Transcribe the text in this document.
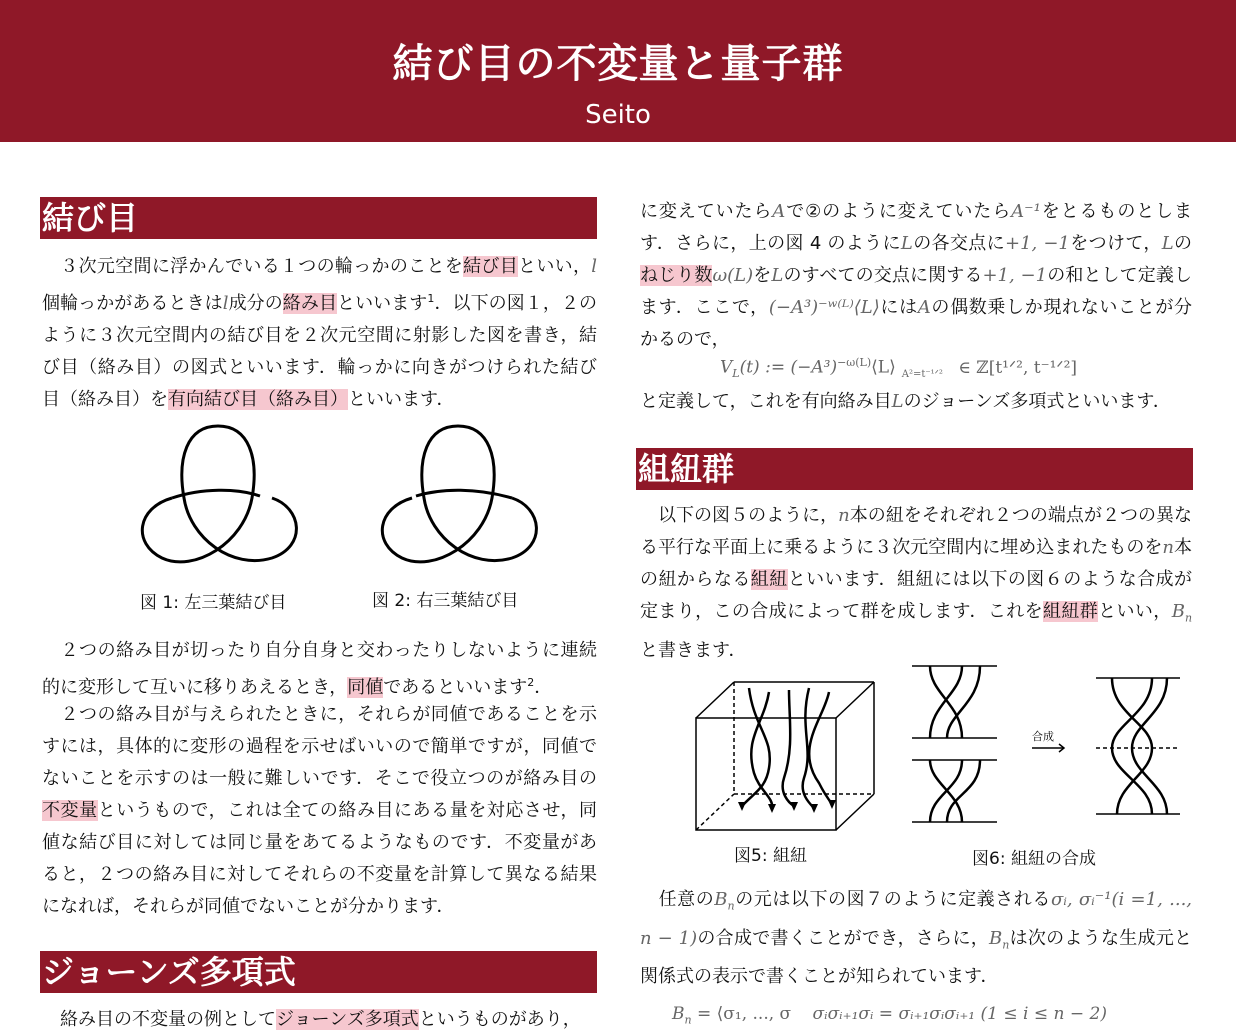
結び目の不変量と量子群
Seito
結び目
　３次元空間に浮かんでいる１つの輪っかのことを結び目といい，l個輪っかがあるときはl成分の絡み目といいます$^1$．以下の図１，２のように３次元空間内の結び目を２次元空間に射影した図を書き，結び目（絡み目）の図式といいます．輪っかに向きがつけられた結び目（絡み目）を有向結び目（絡み目）といいます．
図 1: 左三葉結び目	図 2: 右三葉結び目
　２つの絡み目が切ったり自分自身と交わったりしないように連続的に変形して互いに移りあえるとき，同値であるといいます$^2$．
　２つの絡み目が与えられたときに，それらが同値であることを示すには，具体的に変形の過程を示せばいいので簡単ですが，同値でないことを示すのは一般に難しいです．そこで役立つのが絡み目の不変量というもので，これは全ての絡み目にある量を対応させ，同値な結び目に対しては同じ量をあてるようなものです．不変量があると，２つの絡み目に対してそれらの不変量を計算して異なる結果になれば，それらが同値でないことが分かります．
ジョーンズ多項式
　絡み目の不変量の例としてジョーンズ多項式というものがあり，
に変えていたらAで②のように変えていたらA⁻¹をとるものとします．さらに，上の図 4 のようにLの各交点に+1, −1をつけて，Lのねじり数ω(L)をLのすべての交点に関する+1, −1の和として定義します．ここで，(−A³)⁻ʷ⁽ᴸ⁾⟨L⟩にはAの偶数乗しか現れないことが分かるので，
$V_L(t)$ := $(-A^3)^{-\omega(L)}⟨L⟩$ $_{A^2=t^{-1}ᐟ^2}$ ∈ ℤ[t¹ᐟ², t⁻¹ᐟ²]
と定義して，これを有向絡み目Lのジョーンズ多項式といいます．
組紐群
　以下の図５のように，n本の紐をそれぞれ２つの端点が２つの異なる平行な平面上に乗るように３次元空間内に埋め込まれたものをn本の紐からなる組紐といいます．組紐には以下の図６のような合成が定まり，この合成によって群を成します．これを組紐群といい，$B_n$と書きます．
図5: 組紐
合成
図6: 組紐の合成
　任意の$B_n$の元は以下の図７のように定義されるσᵢ, σᵢ⁻¹(i =1, ..., n − 1)の合成で書くことができ，さらに，$B_n$は次のような生成元と関係式の表示で書くことが知られています．
$B_n$ = ⟨σ₁, ..., σ σᵢσᵢ₊₁σᵢ = σᵢ₊₁σᵢσᵢ₊₁ (1 ≤ i ≤ n − 2)
